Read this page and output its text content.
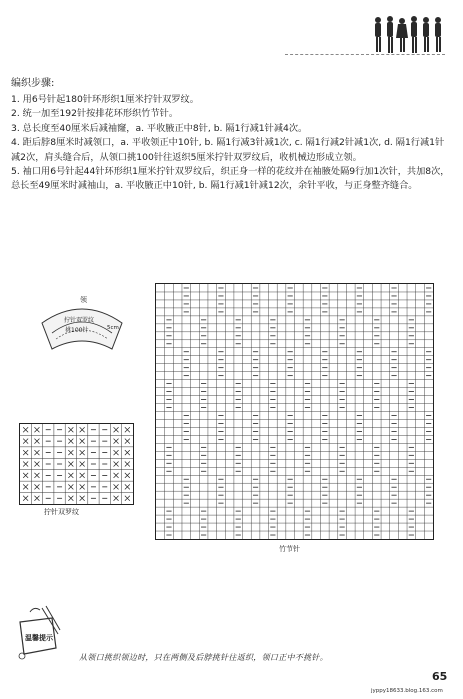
编织步骤:

1. 用6号针起180针环形织1厘米拧针双罗纹。

2. 统一加至192针按排花环形织竹节针。

3. 总长度至40厘米后减袖窿，a. 平收腋正中8针, b. 隔1行减1针减4次。

4. 距后脖8厘米时减领口，a. 平收领正中10针, b. 隔1行减3针减1次, c. 隔1行减2针减1次, d. 隔1行减1针减2次，肩头缝合后，从领口挑100针往返织5厘米拧针双罗纹后，收机械边形成立领。

5. 袖口用6号针起44针环形织1厘米拧针双罗纹后，织正身一样的花纹并在袖腋处隔9行加1次针，共加8次，总长至49厘米时减袖山，a. 平收腋正中10针, b. 隔1行减1针减12次，余针平收，与正身整齐缝合。

领
拧针双罗纹
挑100针	5cm
拧针双罗纹
竹节针
温馨提示
从领口挑织领边时，只在两侧及后脖挑针往返织，领口正中不挑针。
65
jyppy18633.blog.163.com
